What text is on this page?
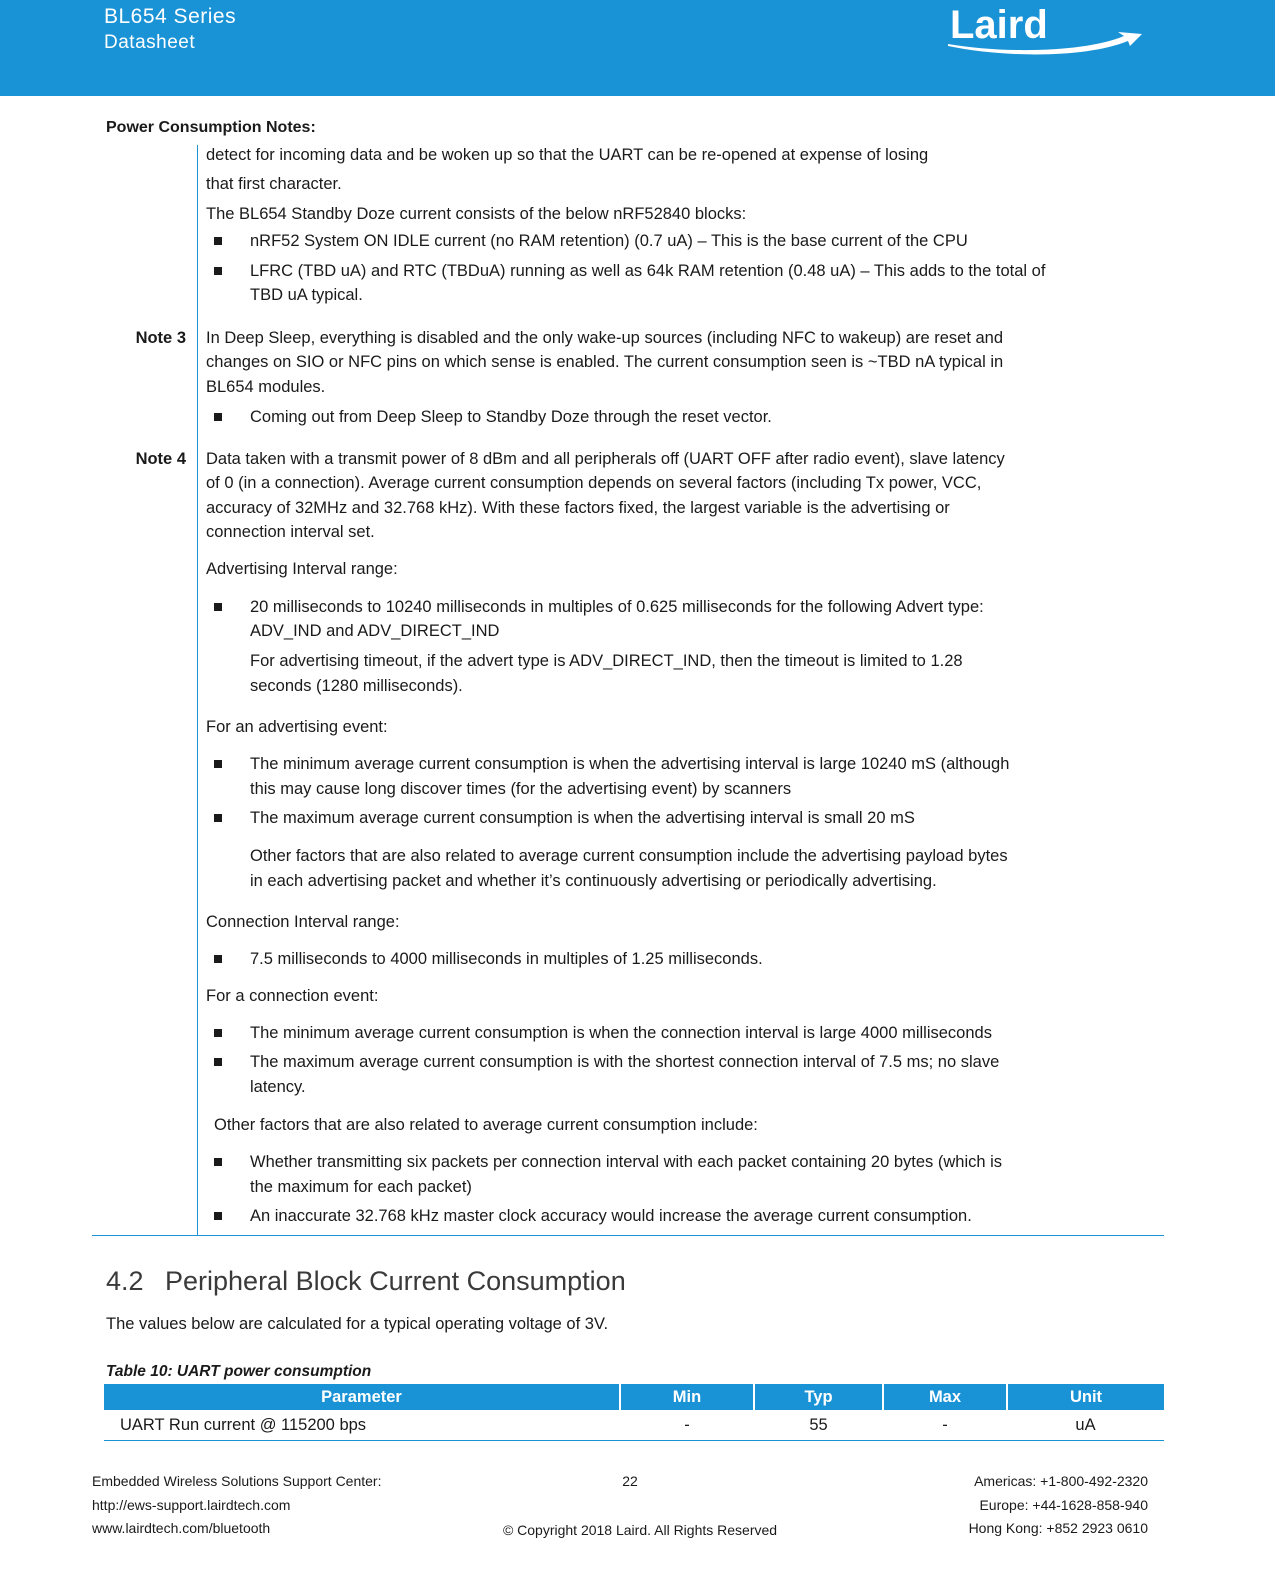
BL654 Series
Datasheet	Laird
Power Consumption Notes:

detect for incoming data and be woken up so that the UART can be re-opened at expense of losing

that first character.

The BL654 Standby Doze current consists of the below nRF52840 blocks:

nRF52 System ON IDLE current (no RAM retention) (0.7 uA) – This is the base current of the CPU

LFRC (TBD uA) and RTC (TBDuA) running as well as 64k RAM retention (0.48 uA) – This adds to the total of

TBD uA typical.

Note 3 In Deep Sleep, everything is disabled and the only wake-up sources (including NFC to wakeup) are reset and

changes on SIO or NFC pins on which sense is enabled. The current consumption seen is ~TBD nA typical in

BL654 modules.

Coming out from Deep Sleep to Standby Doze through the reset vector.

Note 4 Data taken with a transmit power of 8 dBm and all peripherals off (UART OFF after radio event), slave latency

of 0 (in a connection). Average current consumption depends on several factors (including Tx power, VCC,

accuracy of 32MHz and 32.768 kHz). With these factors fixed, the largest variable is the advertising or

connection interval set.

Advertising Interval range:

20 milliseconds to 10240 milliseconds in multiples of 0.625 milliseconds for the following Advert type:

ADV_IND and ADV_DIRECT_IND

For advertising timeout, if the advert type is ADV_DIRECT_IND, then the timeout is limited to 1.28

seconds (1280 milliseconds).

For an advertising event:

The minimum average current consumption is when the advertising interval is large 10240 mS (although

this may cause long discover times (for the advertising event) by scanners

The maximum average current consumption is when the advertising interval is small 20 mS

Other factors that are also related to average current consumption include the advertising payload bytes

in each advertising packet and whether it’s continuously advertising or periodically advertising.

Connection Interval range:

7.5 milliseconds to 4000 milliseconds in multiples of 1.25 milliseconds.

For a connection event:

The minimum average current consumption is when the connection interval is large 4000 milliseconds

The maximum average current consumption is with the shortest connection interval of 7.5 ms; no slave

latency.

Other factors that are also related to average current consumption include:

Whether transmitting six packets per connection interval with each packet containing 20 bytes (which is

the maximum for each packet)

An inaccurate 32.768 kHz master clock accuracy would increase the average current consumption.

4.2 Peripheral Block Current Consumption

The values below are calculated for a typical operating voltage of 3V.

Table 10: UART power consumption
Parameter	Min	Typ	Max	Unit
UART Run current @ 115200 bps	-	55	-	uA
Embedded Wireless Solutions Support Center:
http://ews-support.lairdtech.com
www.lairdtech.com/bluetooth
22
© Copyright 2018 Laird. All Rights Reserved
Americas: +1-800-492-2320
Europe: +44-1628-858-940
Hong Kong: +852 2923 0610
